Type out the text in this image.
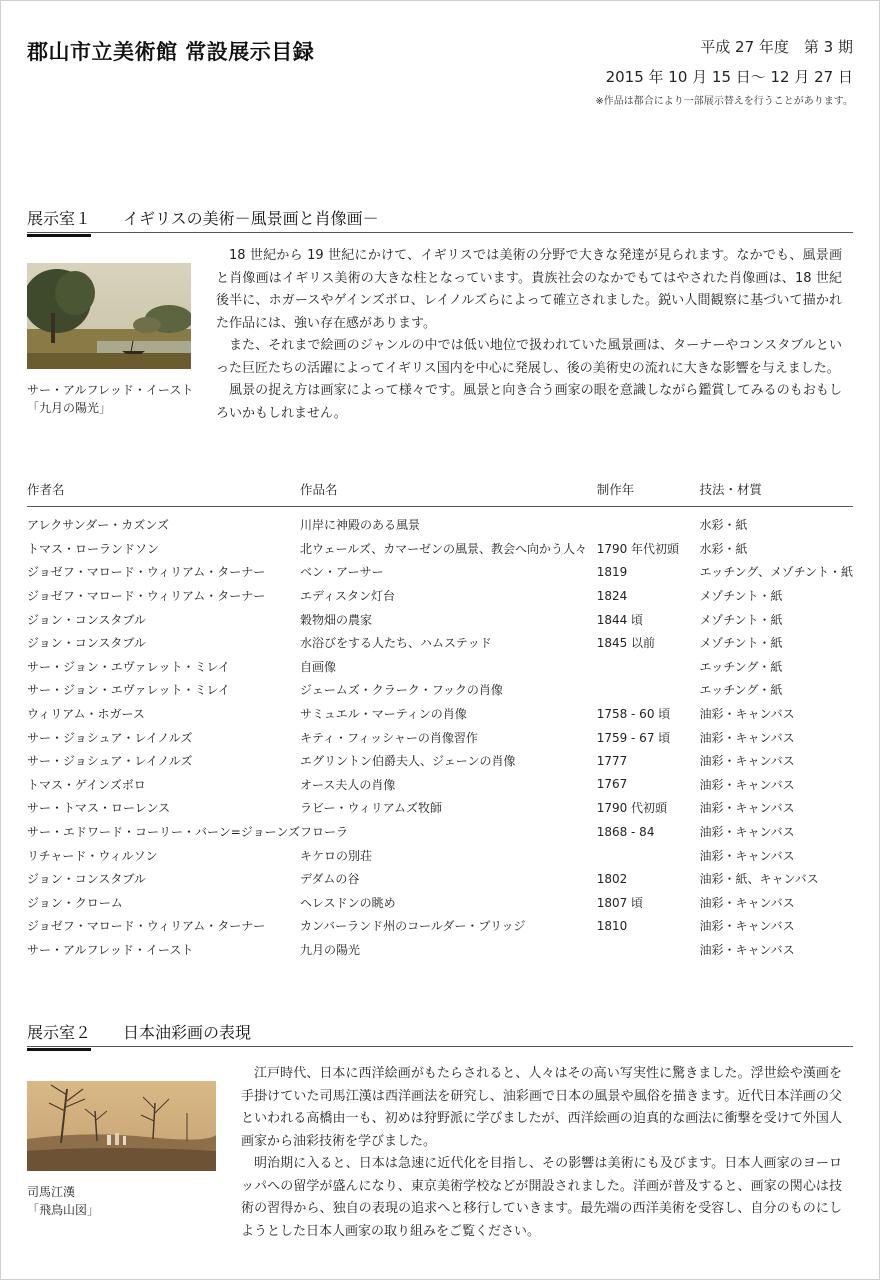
郡山市立美術館 常設展示目録	平成 27 年度　第 3 期
2015 年 10 月 15 日～ 12 月 27 日
※作品は都合により一部展示替えを行うことがあります。
展示室１ イギリスの美術－風景画と肖像画－
サー・アルフレッド・イースト
「九月の陽光」

18 世紀から 19 世紀にかけて、イギリスでは美術の分野で大きな発達が見られます。なかでも、風景画と肖像画はイギリス美術の大きな柱となっています。貴族社会のなかでもてはやされた肖像画は、18 世紀後半に、ホガースやゲインズボロ、レイノルズらによって確立されました。鋭い人間観察に基づいて描かれた作品には、強い存在感があります。

また、それまで絵画のジャンルの中では低い地位で扱われていた風景画は、ターナーやコンスタブルといった巨匠たちの活躍によってイギリス国内を中心に発展し、後の美術史の流れに大きな影響を与えました。

風景の捉え方は画家によって様々です。風景と向き合う画家の眼を意識しながら鑑賞してみるのもおもしろいかもしれません。

作者名	作品名	制作年	技法・材質
アレクサンダー・カズンズ	川岸に神殿のある風景		水彩・紙
トマス・ローランドソン	北ウェールズ、カマーゼンの風景、教会へ向かう人々	1790 年代初頭	水彩・紙
ジョゼフ・マロード・ウィリアム・ターナー	ベン・アーサー	1819	エッチング、メゾチント・紙
ジョゼフ・マロード・ウィリアム・ターナー	エディスタン灯台	1824	メゾチント・紙
ジョン・コンスタブル	穀物畑の農家	1844 頃	メゾチント・紙
ジョン・コンスタブル	水浴びをする人たち、ハムステッド	1845 以前	メゾチント・紙
サー・ジョン・エヴァレット・ミレイ	自画像		エッチング・紙
サー・ジョン・エヴァレット・ミレイ	ジェームズ・クラーク・フックの肖像		エッチング・紙
ウィリアム・ホガース	サミュエル・マーティンの肖像	1758 - 60 頃	油彩・キャンバス
サー・ジョシュア・レイノルズ	キティ・フィッシャーの肖像習作	1759 - 67 頃	油彩・キャンバス
サー・ジョシュア・レイノルズ	エグリントン伯爵夫人、ジェーンの肖像	1777	油彩・キャンバス
トマス・ゲインズボロ	オース夫人の肖像	1767	油彩・キャンバス
サー・トマス・ローレンス	ラビー・ウィリアムズ牧師	1790 代初頭	油彩・キャンバス
サー・エドワード・コーリー・バーン=ジョーンズ	フローラ	1868 - 84	油彩・キャンバス
リチャード・ウィルソン	キケロの別荘		油彩・キャンバス
ジョン・コンスタブル	デダムの谷	1802	油彩・紙、キャンバス
ジョン・クローム	ヘレスドンの眺め	1807 頃	油彩・キャンバス
ジョゼフ・マロード・ウィリアム・ターナー	カンバーランド州のコールダー・ブリッジ	1810	油彩・キャンバス
サー・アルフレッド・イースト	九月の陽光		油彩・キャンバス
展示室２ 日本油彩画の表現
司馬江漢
「飛鳥山図」

江戸時代、日本に西洋絵画がもたらされると、人々はその高い写実性に驚きました。浮世絵や漢画を手掛けていた司馬江漢は西洋画法を研究し、油彩画で日本の風景や風俗を描きます。近代日本洋画の父といわれる高橋由一も、初めは狩野派に学びましたが、西洋絵画の迫真的な画法に衝撃を受けて外国人画家から油彩技術を学びました。

明治期に入ると、日本は急速に近代化を目指し、その影響は美術にも及びます。日本人画家のヨーロッパへの留学が盛んになり、東京美術学校などが開設されました。洋画が普及すると、画家の関心は技術の習得から、独自の表現の追求へと移行していきます。最先端の西洋美術を受容し、自分のものにしようとした日本人画家の取り組みをご覧ください。
